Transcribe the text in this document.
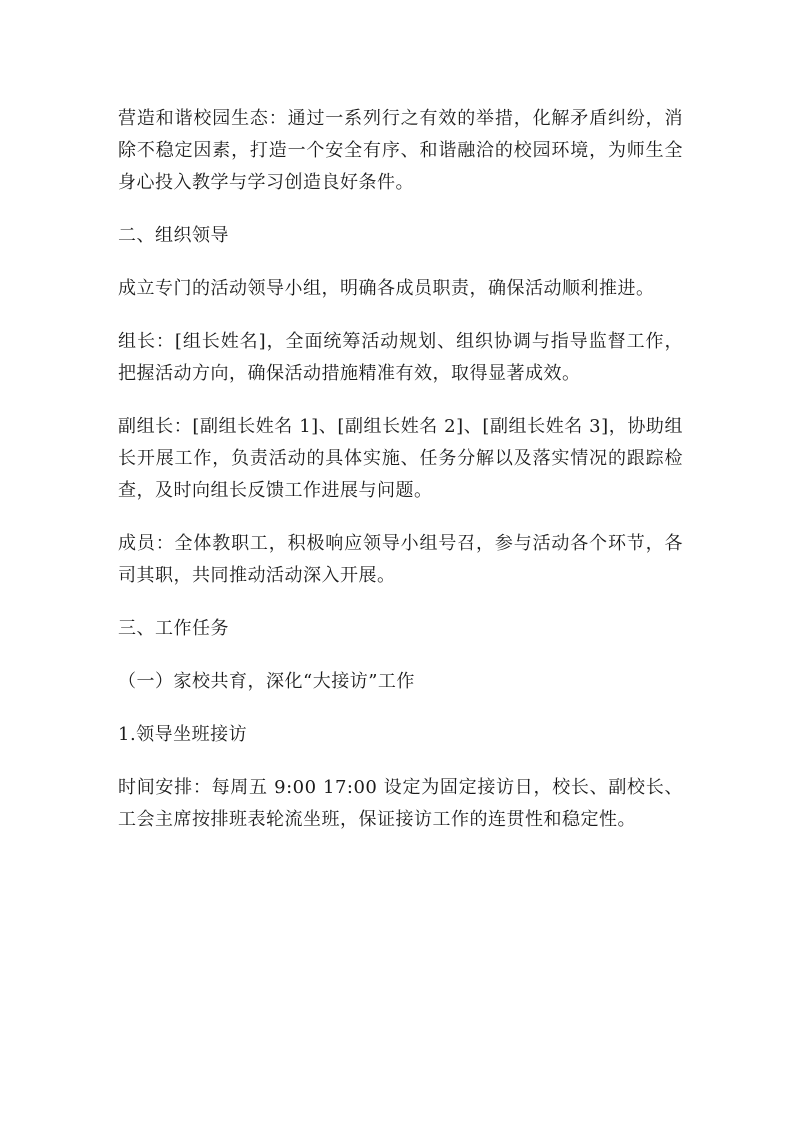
营造和谐校园生态：通过一系列行之有效的举措，化解矛盾纠纷，消除不稳定因素，打造一个安全有序、和谐融洽的校园环境，为师生全身心投入教学与学习创造良好条件。

二、组织领导

成立专门的活动领导小组，明确各成员职责，确保活动顺利推进。

组长：[组长姓名]，全面统筹活动规划、组织协调与指导监督工作，把握活动方向，确保活动措施精准有效，取得显著成效。

副组长：[副组长姓名 1]、[副组长姓名 2]、[副组长姓名 3]，协助组长开展工作，负责活动的具体实施、任务分解以及落实情况的跟踪检查，及时向组长反馈工作进展与问题。

成员：全体教职工，积极响应领导小组号召，参与活动各个环节，各司其职，共同推动活动深入开展。

三、工作任务

（一）家校共育，深化“大接访”工作

1.领导坐班接访

时间安排：每周五 9:00 17:00 设定为固定接访日，校长、副校长、工会主席按排班表轮流坐班，保证接访工作的连贯性和稳定性。
